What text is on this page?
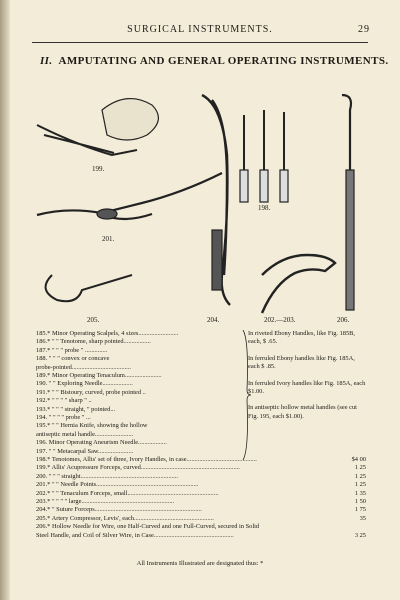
SURGICAL INSTRUMENTS.	29
II. AMPUTATING AND GENERAL OPERATING INSTRUMENTS.
199.
201.
198.
205.	204.	202.—203.	206.
185.* Minor Operating Scalpels, 4 sizes.........................
186.* " " Tenotome, sharp pointed.................
187.* " " " probe " ..............
188. " " " convex or concave
probe-pointed.....................................
189.* Minor Operating Tenaculum.......................
190. " " Exploring Needle...................
191.* " " Bistoury, curved, probe pointed ..
192.* " " " " sharp " ..
193.* " " " straight, " pointed...
194. " " " " probe " ...
195.* " " Hernia Knife, showing the hollow
antiseptic metal handle........................
196. Minor Operating Aneurism Needle..................
197. " " Metacarpal Saw......................

In riveted Ebony Handles, like Fig. 185B, each, $ .65.

In ferruled Ebony handles like Fig. 185A, each $ .85.

In ferruled Ivory handles like Fig. 185A, each $1.00.

In antiseptic hollow metal handles (see cut Fig. 195, each $1.00).

198.* Tenotomes, Allis' set of three, Ivory Handles, in case............................................	$4 00
199.* Allis' Acupressure Forceps, curved..............................................................	1 25
200. " " " straight.............................................................	1 25
201.* " " Needle Points................................................................	1 25
202.* " " Tenaculum Forceps, small.........................................................	1 35
203.* " " " " large..........................................................	1 50
204.* " Suture Forceps...................................................................	1 75
205.* Artery Compressor, Levis', each..................................................	35
206.* Hollow Needle for Wire, one Half-Curved and one Full-Curved, secured in Solid
Steel Handle, and Coil of Silver Wire, in Case..................................................	3 25
All Instruments Illustrated are designated thus: *
